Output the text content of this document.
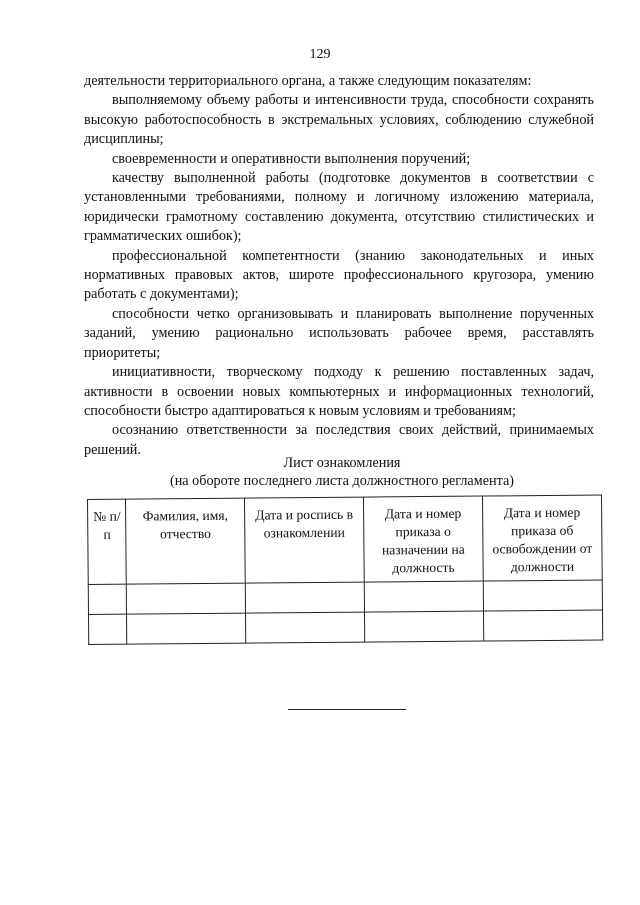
129

деятельности территориального органа, а также следующим показателям:

выполняемому объему работы и интенсивности труда, способности сохранять высокую работоспособность в экстремальных условиях, соблюдению служебной дисциплины;

своевременности и оперативности выполнения поручений;

качеству выполненной работы (подготовке документов в соответствии с установленными требованиями, полному и логичному изложению материала, юридически грамотному составлению документа, отсутствию стилистических и грамматических ошибок);

профессиональной компетентности (знанию законодательных и иных нормативных правовых актов, широте профессионального кругозора, умению работать с документами);

способности четко организовывать и планировать выполнение порученных заданий, умению рационально использовать рабочее время, расставлять приоритеты;

инициативности, творческому подходу к решению поставленных задач, активности в освоении новых компьютерных и информационных технологий, способности быстро адаптироваться к новым условиям и требованиям;

осознанию ответственности за последствия своих действий, принимаемых решений.

Лист ознакомления
(на обороте последнего листа должностного регламента)
№ п/п	Фамилия, имя, отчество	Дата и роспись в ознакомлении	Дата и номер приказа о назначении на должность	Дата и номер приказа об освобождении от должности
